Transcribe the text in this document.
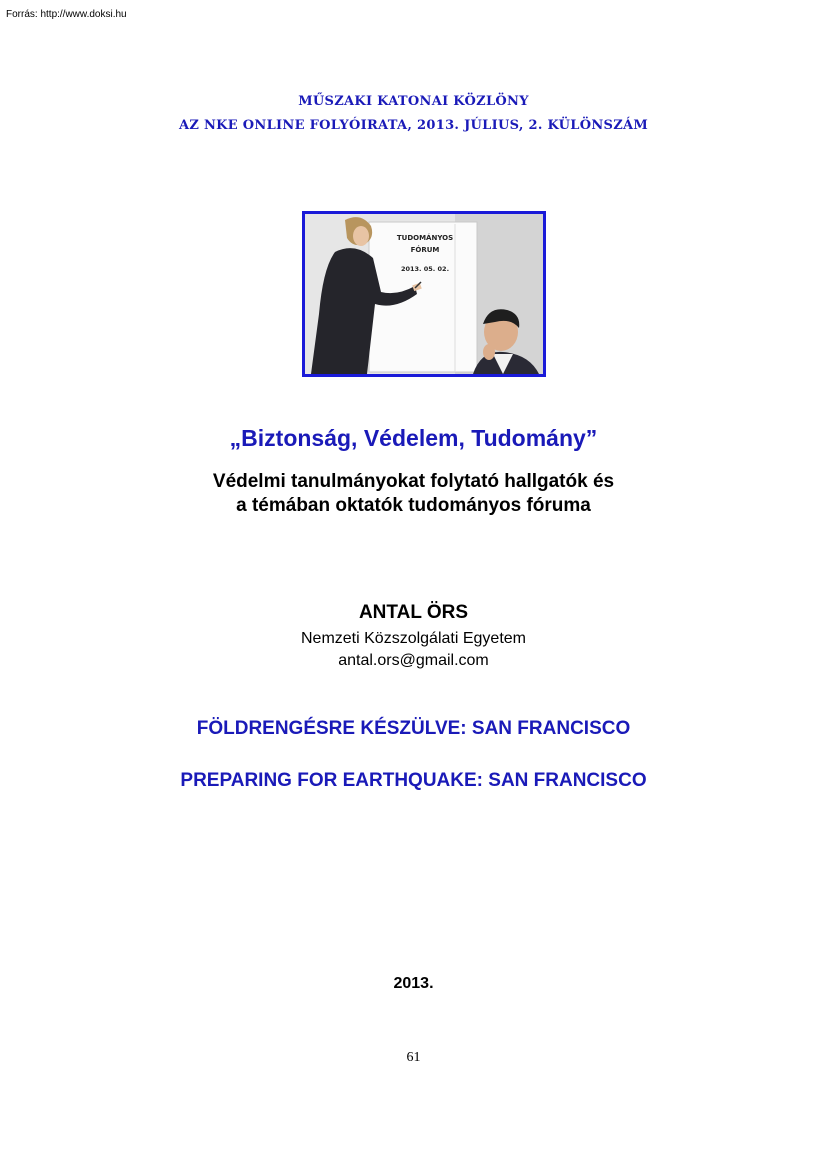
Forrás: http://www.doksi.hu
MŰSZAKI KATONAI KÖZLÖNY
AZ NKE ONLINE FOLYÓIRATA, 2013. JÚLIUS, 2. KÜLÖNSZÁM
TUDOMÁNYOS
FÓRUM
2013. 05. 02.
„Biztonság, Védelem, Tudomány”
Védelmi tanulmányokat folytató hallgatók és
a témában oktatók tudományos fóruma
ANTAL ÖRS
Nemzeti Közszolgálati Egyetem
antal.ors@gmail.com
FÖLDRENGÉSRE KÉSZÜLVE: SAN FRANCISCO
PREPARING FOR EARTHQUAKE: SAN FRANCISCO
2013.
61
